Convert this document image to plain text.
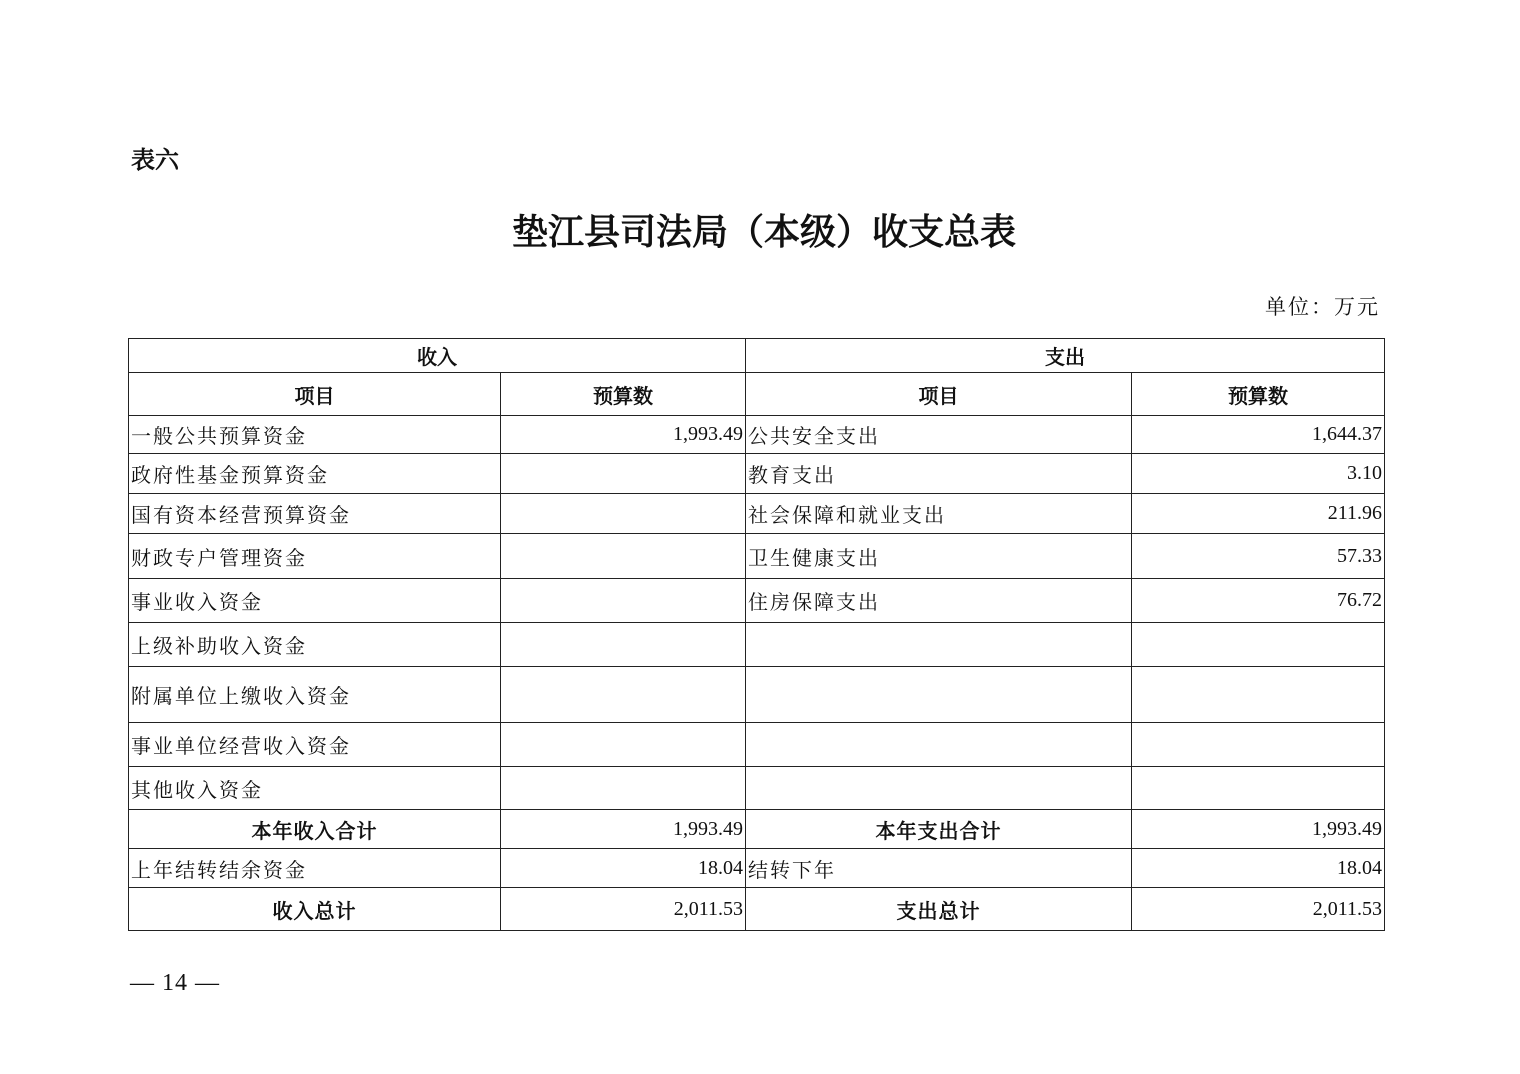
表六
垫江县司法局（本级）收支总表
单位：万元
收入		支出	
项目	预算数	项目	预算数
一般公共预算资金	1,993.49	公共安全支出	1,644.37
政府性基金预算资金		教育支出	3.10
国有资本经营预算资金		社会保障和就业支出	211.96
财政专户管理资金		卫生健康支出	57.33
事业收入资金		住房保障支出	76.72
上级补助收入资金			
附属单位上缴收入资金			
事业单位经营收入资金			
其他收入资金			
本年收入合计	1,993.49	本年支出合计	1,993.49
上年结转结余资金	18.04	结转下年	18.04
收入总计	2,011.53	支出总计	2,011.53
— 14 —
